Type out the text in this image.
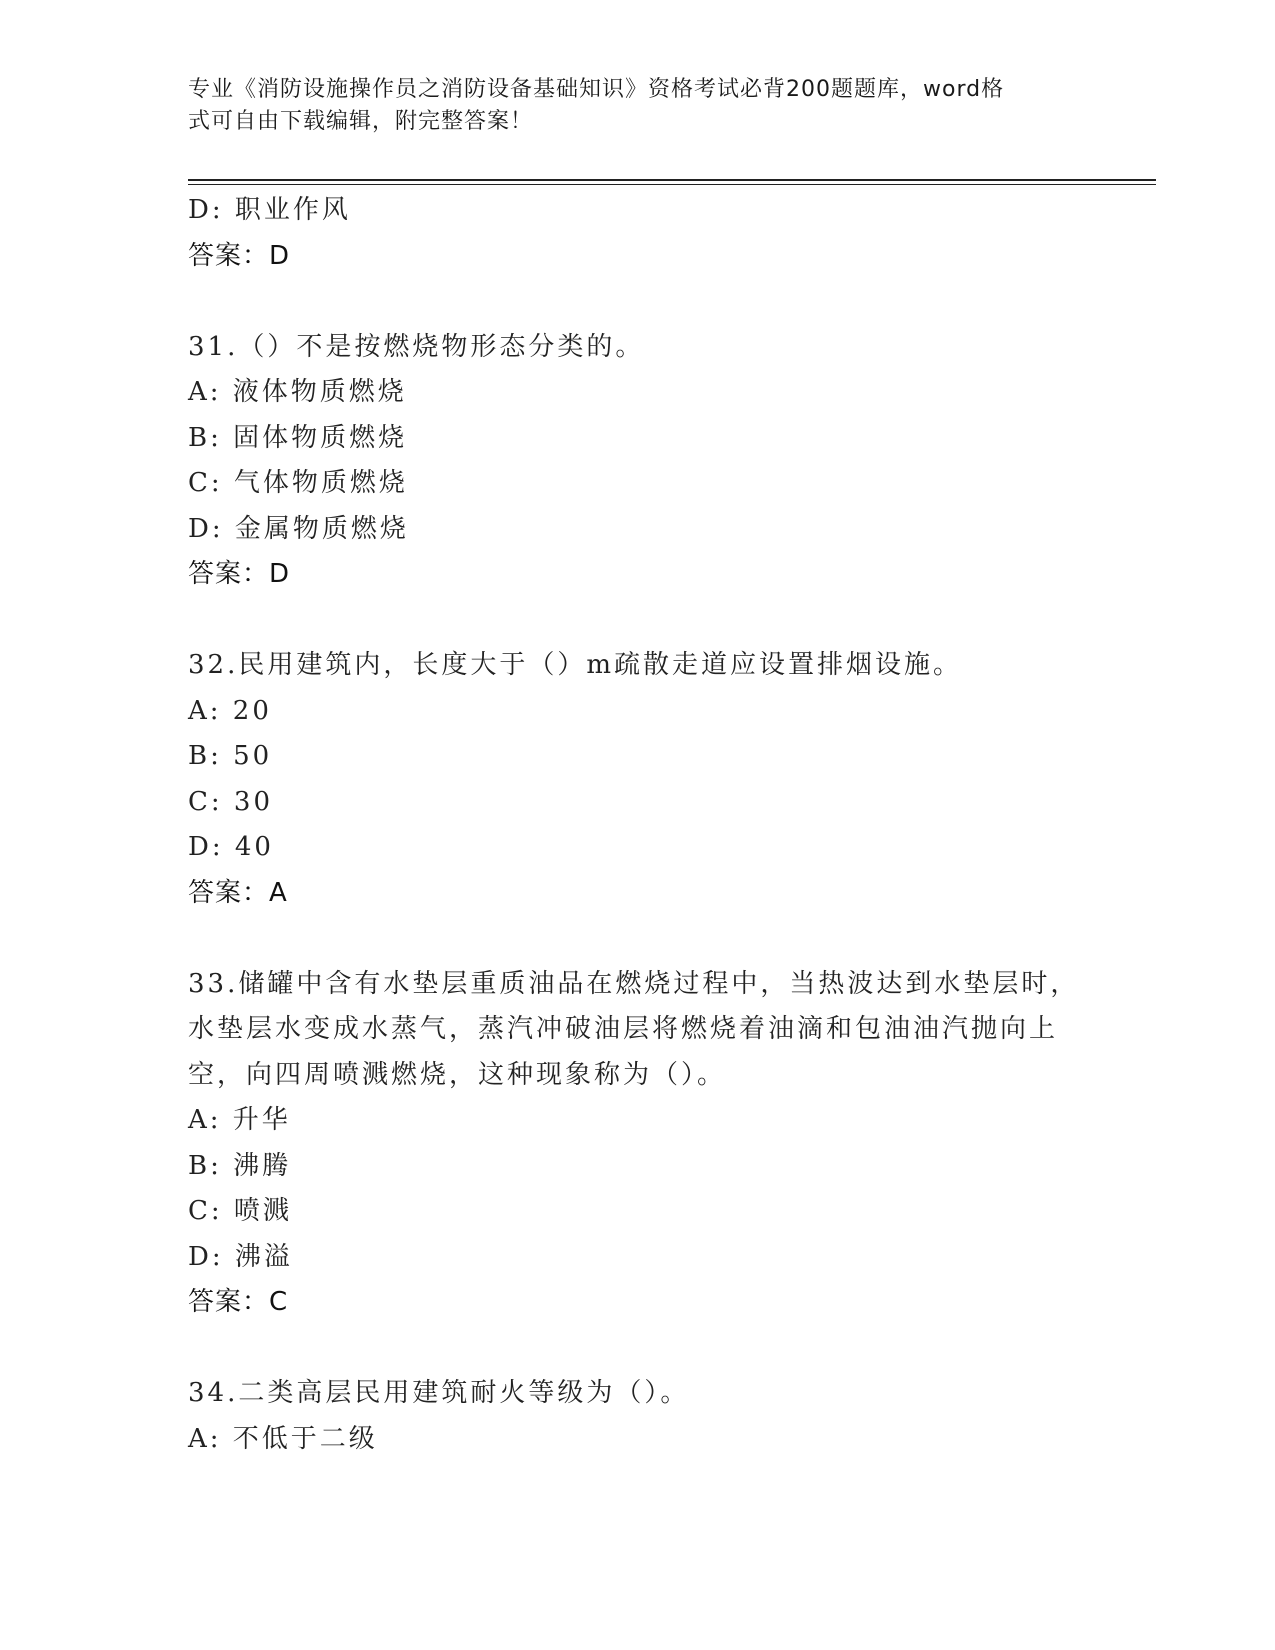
专业《消防设施操作员之消防设备基础知识》资格考试必背200题题库，word格
式可自由下载编辑，附完整答案！
D: 职业作风
答案：D
31.（）不是按燃烧物形态分类的。
A: 液体物质燃烧
B: 固体物质燃烧
C: 气体物质燃烧
D: 金属物质燃烧
答案：D
32.民用建筑内，长度大于（）m疏散走道应设置排烟设施。
A: 20
B: 50
C: 30
D: 40
答案：A
33.储罐中含有水垫层重质油品在燃烧过程中，当热波达到水垫层时，
水垫层水变成水蒸气，蒸汽冲破油层将燃烧着油滴和包油油汽抛向上
空，向四周喷溅燃烧，这种现象称为（）。
A: 升华
B: 沸腾
C: 喷溅
D: 沸溢
答案：C
34.二类高层民用建筑耐火等级为（）。
A: 不低于二级
